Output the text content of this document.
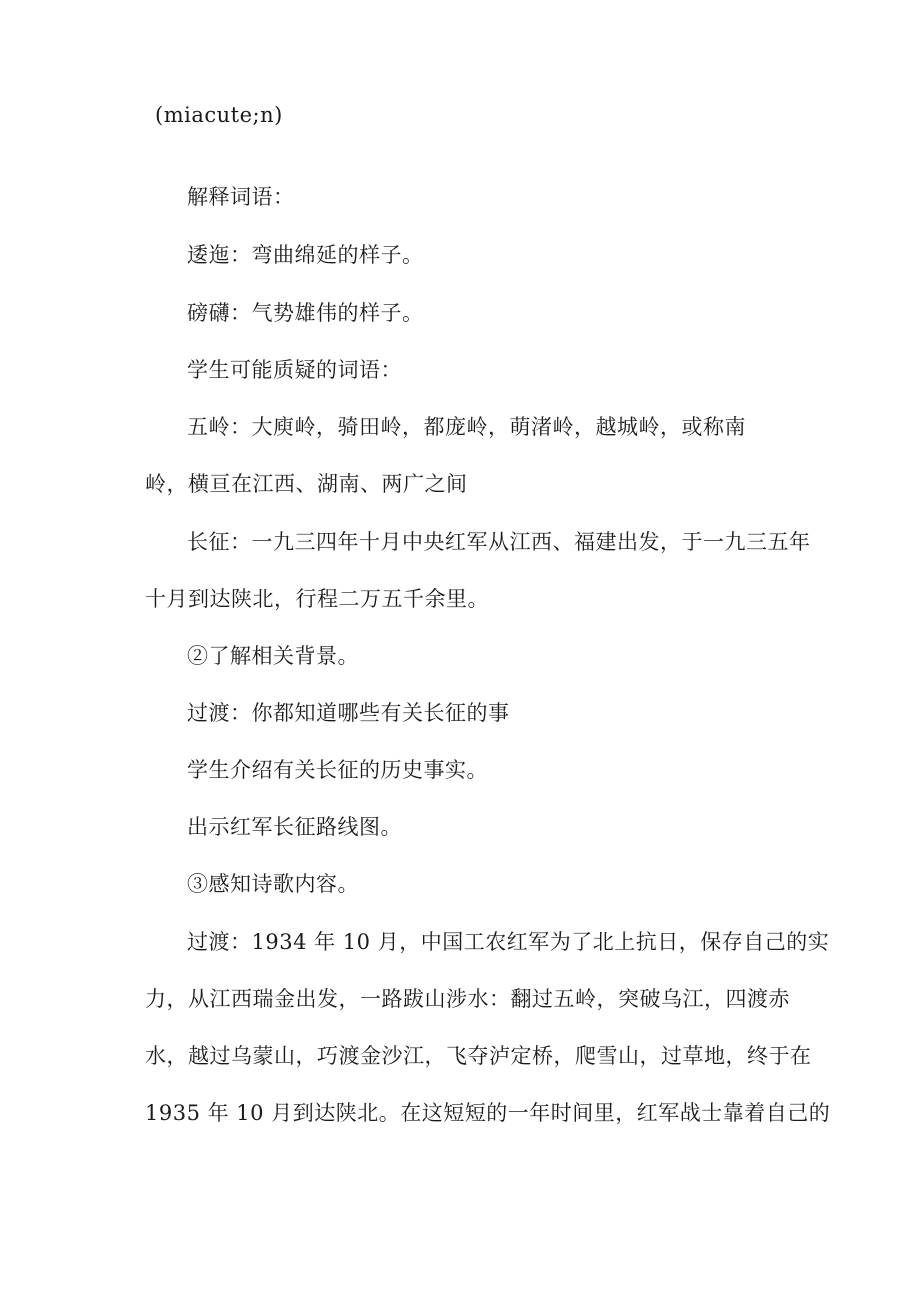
(miacute;n)
解释词语：
逶迤：弯曲绵延的样子。
磅礴：气势雄伟的样子。
学生可能质疑的词语：
五岭：大庾岭，骑田岭，都庞岭，萌渚岭，越城岭，或称南
岭，横亘在江西、湖南、两广之间
长征：一九三四年十月中央红军从江西、福建出发，于一九三五年
十月到达陕北，行程二万五千余里。
②了解相关背景。
过渡：你都知道哪些有关长征的事
学生介绍有关长征的历史事实。
出示红军长征路线图。
③感知诗歌内容。
过渡：1934 年 10 月，中国工农红军为了北上抗日，保存自己的实
力，从江西瑞金出发，一路跋山涉水：翻过五岭，突破乌江，四渡赤
水，越过乌蒙山，巧渡金沙江，飞夺泸定桥，爬雪山，过草地，终于在
1935 年 10 月到达陕北。在这短短的一年时间里，红军战士靠着自己的
